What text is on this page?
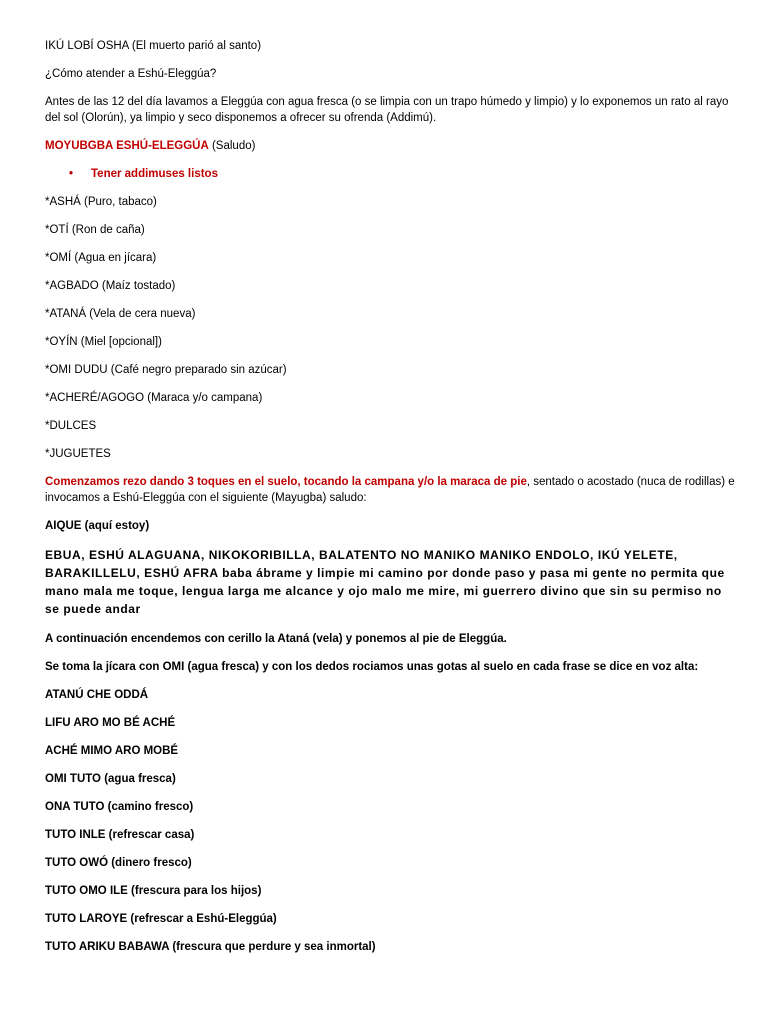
IKÚ LOBÍ OSHA (El muerto parió al santo)

¿Cómo atender a Eshú-Eleggúa?

Antes de las 12 del día lavamos a Eleggúa con agua fresca (o se limpia con un trapo húmedo y limpio) y lo exponemos un rato al rayo del sol (Olorún), ya limpio y seco disponemos a ofrecer su ofrenda (Addimú).

MOYUBGBA ESHÚ-ELEGGÚA (Saludo)

•	Tener addimuses listos
*ASHÁ (Puro, tabaco)
*OTÍ (Ron de caña)
*OMÍ (Agua en jícara)
*AGBADO (Maíz tostado)
*ATANÁ (Vela de cera nueva)
*OYÍN (Miel [opcional])
*OMI DUDU (Café negro preparado sin azúcar)
*ACHERÉ/AGOGO (Maraca y/o campana)
*DULCES
*JUGUETES

Comenzamos rezo dando 3 toques en el suelo, tocando la campana y/o la maraca de pie, sentado o acostado (nuca de rodillas) e invocamos a Eshú-Eleggúa con el siguiente (Mayugba) saludo:

AIQUE (aquí estoy)

EBUA, ESHÚ ALAGUANA, NIKOKORIBILLA, BALATENTO NO MANIKO MANIKO ENDOLO, IKÚ YELETE, BARAKILLELU, ESHÚ AFRA baba ábrame y limpie mi camino por donde paso y pasa mi gente no permita que mano mala me toque, lengua larga me alcance y ojo malo me mire, mi guerrero divino que sin su permiso no se puede andar

A continuación encendemos con cerillo la Ataná (vela) y ponemos al pie de Eleggúa.

Se toma la jícara con OMI (agua fresca) y con los dedos rociamos unas gotas al suelo en cada frase se dice en voz alta:

ATANÚ CHE ODDÁ
LIFU ARO MO BÉ ACHÉ
ACHÉ MIMO ARO MOBÉ
OMI TUTO (agua fresca)
ONA TUTO (camino fresco)
TUTO INLE (refrescar casa)
TUTO OWÓ (dinero fresco)
TUTO OMO ILE (frescura para los hijos)
TUTO LAROYE (refrescar a Eshú-Eleggúa)
TUTO ARIKU BABAWA (frescura que perdure y sea inmortal)
